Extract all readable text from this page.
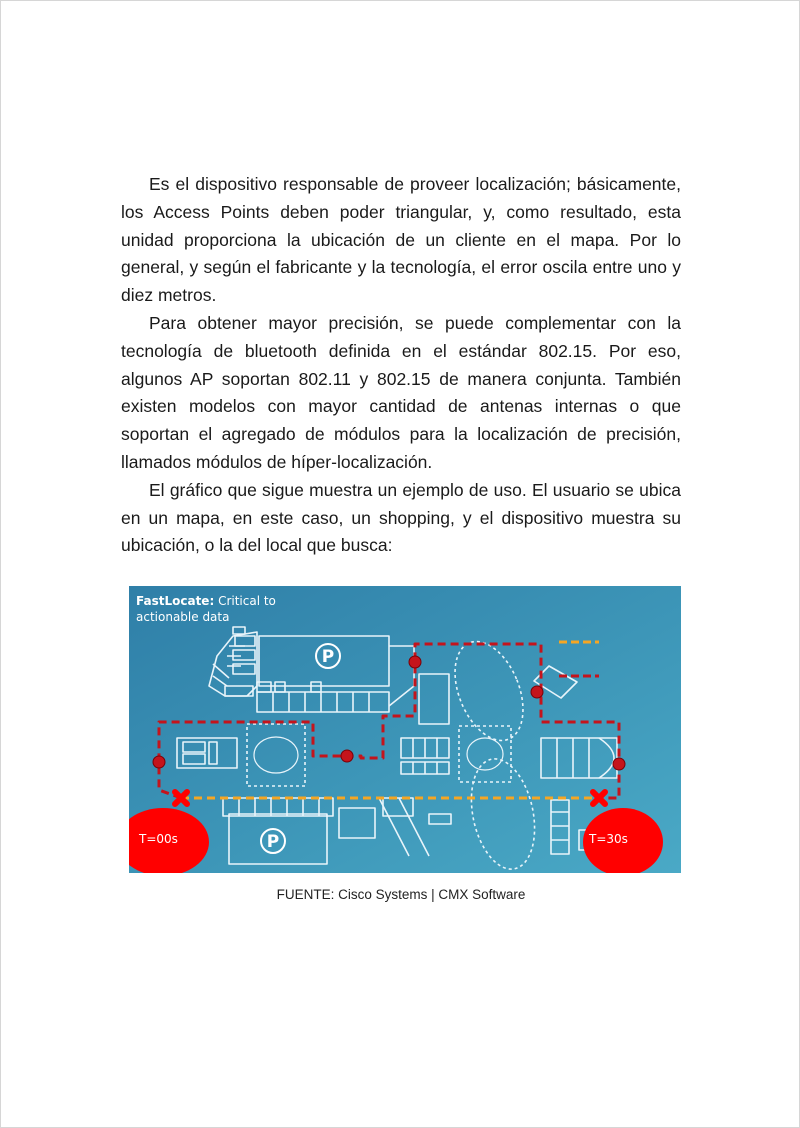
Es el dispositivo responsable de proveer localización; básicamente, los Access Points deben poder triangular, y, como resultado, esta unidad proporciona la ubicación de un cliente en el mapa. Por lo general, y según el fabricante y la tecnología, el error oscila entre uno y diez metros.

Para obtener mayor precisión, se puede complementar con la tecnología de bluetooth definida en el estándar 802.15. Por eso, algunos AP soportan 802.11 y 802.15 de manera conjunta. También existen modelos con mayor cantidad de antenas internas o que soportan el agregado de módulos para la localización de precisión, llamados módulos de híper-localización.

El gráfico que sigue muestra un ejemplo de uso. El usuario se ubica en un mapa, en este caso, un shopping, y el dispositivo muestra su ubicación, o la del local que busca:

FastLocate: Critical to
actionable data
P
P
T=00s	T=30s
FUENTE: Cisco Systems | CMX Software
